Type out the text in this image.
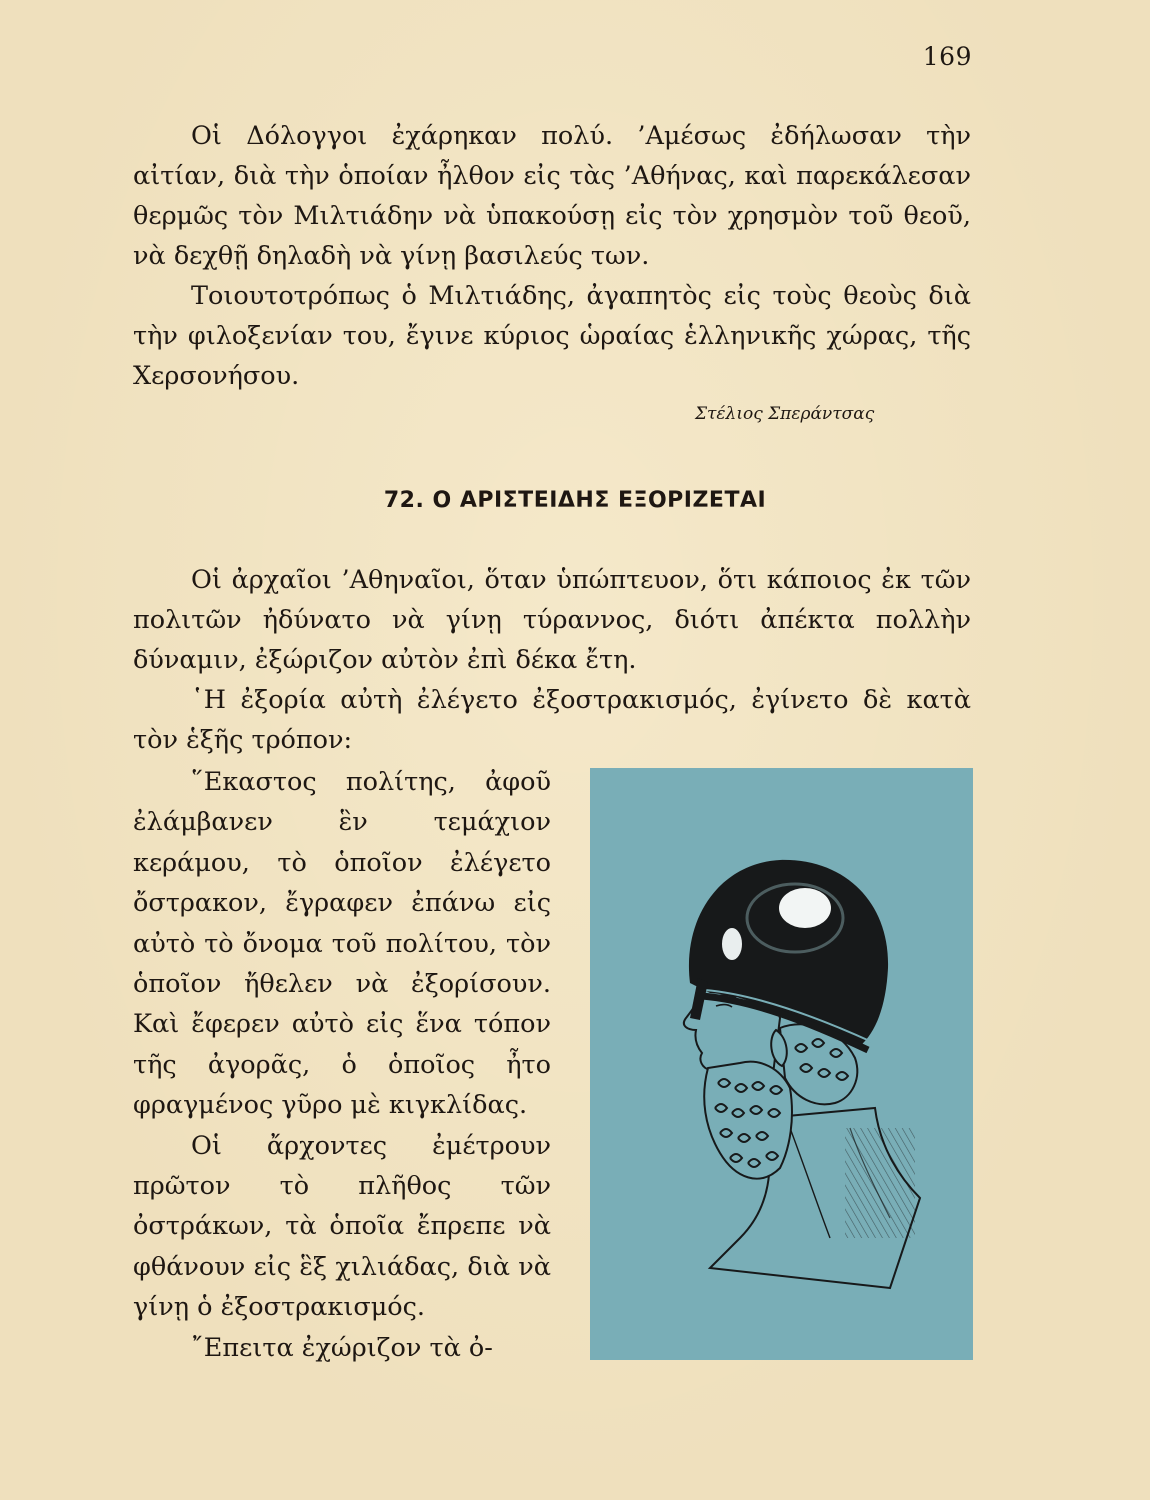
169

Οἱ Δόλογγοι ἐχάρηκαν πολύ. ’Αμέσως ἐδήλωσαν τὴν αἰτίαν, διὰ τὴν ὁποίαν ἦλθον εἰς τὰς ’Αθήνας, καὶ παρεκάλεσαν θερμῶς τὸν Μιλτιάδην νὰ ὑπακούσῃ εἰς τὸν χρησμὸν τοῦ θεοῦ, νὰ δεχθῇ δηλαδὴ νὰ γίνῃ βασιλεύς των.

Τοιουτοτρόπως ὁ Μιλτιάδης, ἀγαπητὸς εἰς τοὺς θεοὺς διὰ τὴν φιλοξενίαν του, ἔγινε κύριος ὡραίας ἑλληνικῆς χώρας, τῆς Χερσονήσου.

Στέλιος Σπεράντσας
72. Ο ΑΡΙΣΤΕΙΔΗΣ ΕΞΟΡΙΖΕΤΑΙ

Οἱ ἀρχαῖοι ’Αθηναῖοι, ὅταν ὑπώπτευον, ὅτι κάποιος ἐκ τῶν πολιτῶν ἠδύνατο νὰ γίνῃ τύραννος, διότι ἀπέκτα πολλὴν δύναμιν, ἐξώριζον αὐτὸν ἐπὶ δέκα ἔτη.

῾Η ἐξορία αὐτὴ ἐλέγετο ἐξοστρακισμός, ἐγίνετο δὲ κατὰ τὸν ἑξῆς τρόπον:

῞Εκαστος πολίτης, ἀφοῦ ἐλάμβανεν ἓν τεμάχιον κεράμου, τὸ ὁποῖον ἐλέγετο ὄστρακον, ἔγραφεν ἐπάνω εἰς αὐτὸ τὸ ὄνομα τοῦ πολίτου, τὸν ὁποῖον ἤθελεν νὰ ἐξορίσουν. Καὶ ἔφερεν αὐτὸ εἰς ἕνα τόπον τῆς ἀγορᾶς, ὁ ὁποῖος ἦτο φραγμένος γῦρο μὲ κιγκλίδας.

Οἱ ἄρχοντες ἐμέτρουν πρῶτον τὸ πλῆθος τῶν ὀστράκων, τὰ ὁποῖα ἔπρεπε νὰ φθάνουν εἰς ἓξ χιλιάδας, διὰ νὰ γίνῃ ὁ ἐξοστρακισμός.

῎Επειτα ἐχώριζον τὰ ὀ-
